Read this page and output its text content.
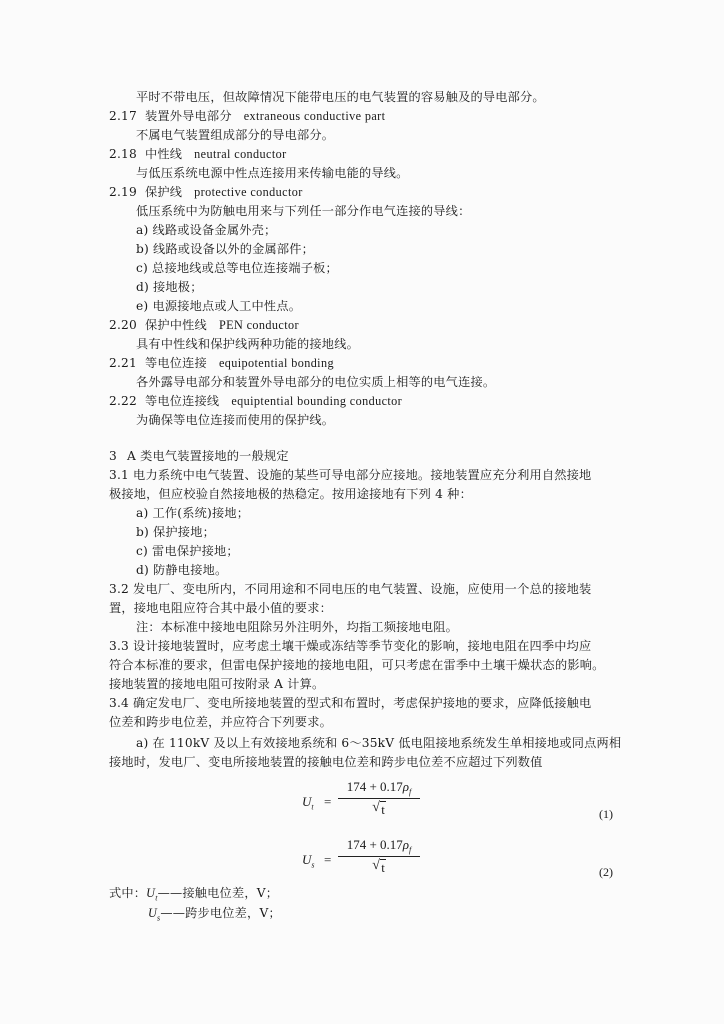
平时不带电压，但故障情况下能带电压的电气装置的容易触及的导电部分。
2.17 装置外导电部分 extraneous conductive part
不属电气装置组成部分的导电部分。
2.18 中性线 neutral conductor
与低压系统电源中性点连接用来传输电能的导线。
2.19 保护线 protective conductor
低压系统中为防触电用来与下列任一部分作电气连接的导线：
a) 线路或设备金属外壳；
b) 线路或设备以外的金属部件；
c) 总接地线或总等电位连接端子板；
d) 接地极；
e) 电源接地点或人工中性点。
2.20 保护中性线 PEN conductor
具有中性线和保护线两种功能的接地线。
2.21 等电位连接 equipotential bonding
各外露导电部分和装置外导电部分的电位实质上相等的电气连接。
2.22 等电位连接线 equiptential bounding conductor
为确保等电位连接而使用的保护线。
3 A 类电气装置接地的一般规定
3.1 电力系统中电气装置、设施的某些可导电部分应接地。接地装置应充分利用自然接地
极接地，但应校验自然接地极的热稳定。按用途接地有下列 4 种：
a) 工作(系统)接地；
b) 保护接地；
c) 雷电保护接地；
d) 防静电接地。
3.2 发电厂、变电所内，不同用途和不同电压的电气装置、设施，应使用一个总的接地装
置，接地电阻应符合其中最小值的要求：
注：本标准中接地电阻除另外注明外，均指工频接地电阻。
3.3 设计接地装置时，应考虑土壤干燥或冻结等季节变化的影响，接地电阻在四季中均应
符合本标准的要求，但雷电保护接地的接地电阻，可只考虑在雷季中土壤干燥状态的影响。
接地装置的接地电阻可按附录 A 计算。
3.4 确定发电厂、变电所接地装置的型式和布置时，考虑保护接地的要求，应降低接触电
位差和跨步电位差，并应符合下列要求。
a) 在 110kV 及以上有效接地系统和 6～35kV 低电阻接地系统发生单相接地或同点两相
接地时，发电厂、变电所接地装置的接触电位差和跨步电位差不应超过下列数值
$U_t$ =
$174 + 0.17\rho_f$
√ t	(1)
$U_s$ =
$174 + 0.17\rho_f$
√ t	(2)
式中：$U_t——$接触电位差，V；
$U_s——$跨步电位差，V；
